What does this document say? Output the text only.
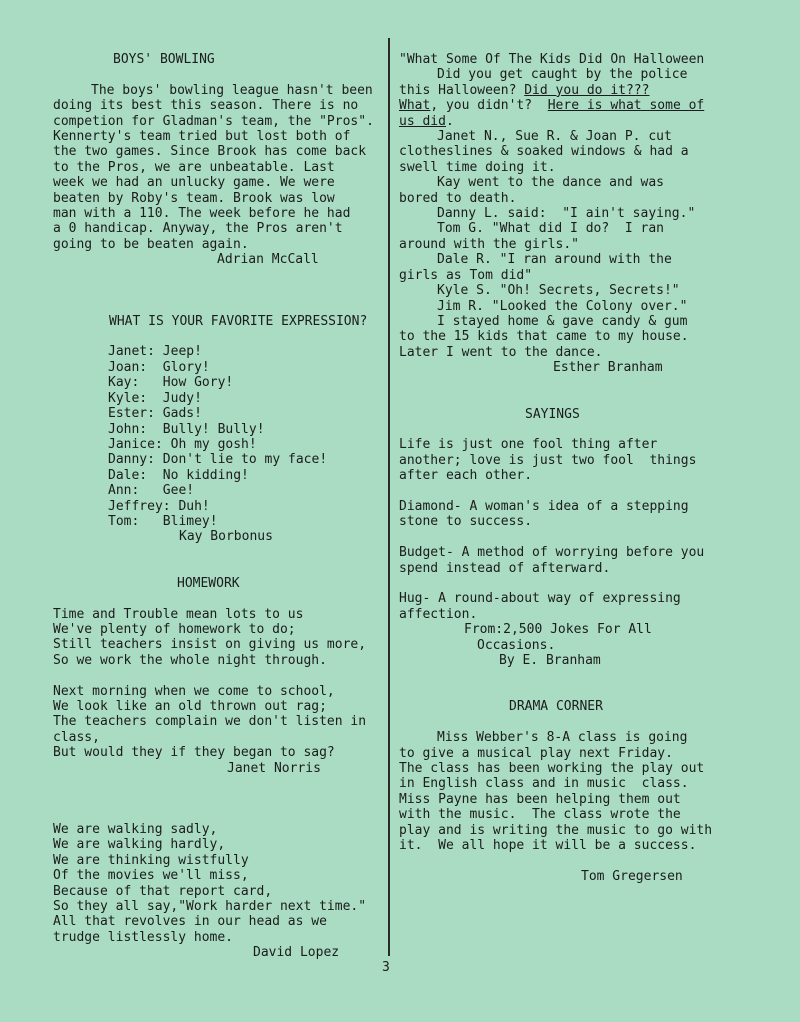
BOYS' BOWLING
The boys' bowling league hasn't been
doing its best this season. There is no
competion for Gladman's team, the "Pros".
Kennerty's team tried but lost both of
the two games. Since Brook has come back
to the Pros, we are unbeatable. Last
week we had an unlucky game. We were
beaten by Roby's team. Brook was low
man with a 110. The week before he had
a 0 handicap. Anyway, the Pros aren't
going to be beaten again.
Adrian McCall
WHAT IS YOUR FAVORITE EXPRESSION?
Janet: Jeep!
Joan:  Glory!
Kay:   How Gory!
Kyle:  Judy!
Ester: Gads!
John:  Bully! Bully!
Janice: Oh my gosh!
Danny: Don't lie to my face!
Dale:  No kidding!
Ann:   Gee!
Jeffrey: Duh!
Tom:   Blimey!
Kay Borbonus
HOMEWORK
Time and Trouble mean lots to us
We've plenty of homework to do;
Still teachers insist on giving us more,
So we work the whole night through.
Next morning when we come to school,
We look like an old thrown out rag;
The teachers complain we don't listen in
class,
But would they if they began to sag?
Janet Norris
We are walking sadly,
We are walking hardly,
We are thinking wistfully
Of the movies we'll miss,
Because of that report card,
So they all say,"Work harder next time."
All that revolves in our head as we
trudge listlessly home.
David Lopez
"What Some Of The Kids Did On Halloween
Did you get caught by the police
this Halloween? Did you do it???
What, you didn't?  Here is what some of
us did.
Janet N., Sue R. & Joan P. cut
clotheslines & soaked windows & had a
swell time doing it.
Kay went to the dance and was
bored to death.
Danny L. said:  "I ain't saying."
Tom G. "What did I do?  I ran
around with the girls."
Dale R. "I ran around with the
girls as Tom did"
Kyle S. "Oh! Secrets, Secrets!"
Jim R. "Looked the Colony over."
I stayed home & gave candy & gum
to the 15 kids that came to my house.
Later I went to the dance.
Esther Branham
SAYINGS
Life is just one fool thing after
another; love is just two fool  things
after each other.
Diamond- A woman's idea of a stepping
stone to success.
Budget- A method of worrying before you
spend instead of afterward.
Hug- A round-about way of expressing
affection.
From:2,500 Jokes For All
Occasions.
By E. Branham
DRAMA CORNER
Miss Webber's 8-A class is going
to give a musical play next Friday.
The class has been working the play out
in English class and in music  class.
Miss Payne has been helping them out
with the music.  The class wrote the
play and is writing the music to go with
it.  We all hope it will be a success.
Tom Gregersen
3
